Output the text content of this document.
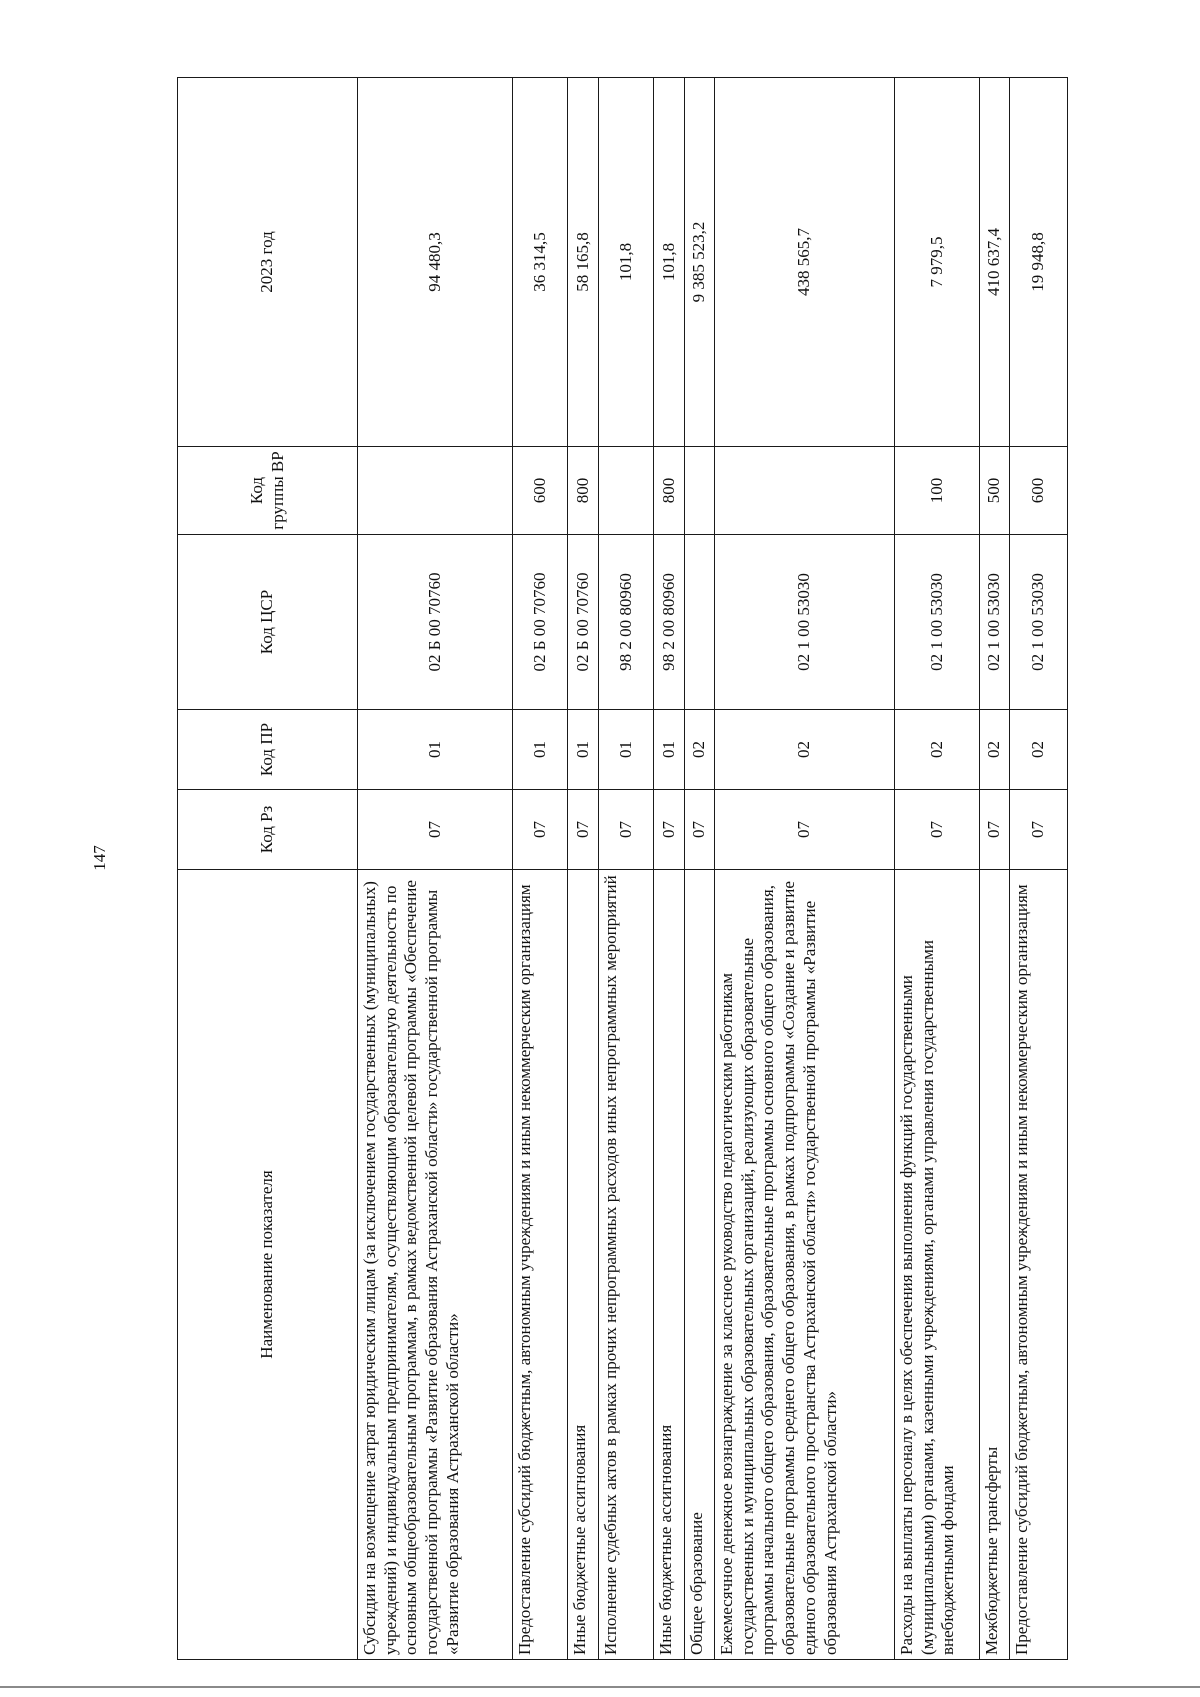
147
Наименование показателя	Код Рз	Код ПР	Код ЦСР	Код группы ВР	2023 год
Субсидии на возмещение затрат юридическим лицам (за исключением государственных (муниципальных) учреждений) и индивидуальным предпринимателям, осуществляющим образовательную деятельность по основным общеобразовательным программам, в рамках ведомственной целевой программы «Обеспечение государственной программы «Развитие образования Астраханской области» государственной программы «Развитие образования Астраханской области»	07	01	02 Б 00 70760		94 480,3
Предоставление субсидий бюджетным, автономным учреждениям и иным некоммерческим организациям	07	01	02 Б 00 70760	600	36 314,5
Иные бюджетные ассигнования	07	01	02 Б 00 70760	800	58 165,8
Исполнение судебных актов в рамках прочих непрограммных расходов иных непрограммных мероприятий	07	01	98 2 00 80960		101,8
Иные бюджетные ассигнования	07	01	98 2 00 80960	800	101,8
Общее образование	07	02			9 385 523,2
Ежемесячное денежное вознаграждение за классное руководство педагогическим работникам государственных и муниципальных образовательных организаций, реализующих образовательные программы начального общего образования, образовательные программы основного общего образования, образовательные программы среднего общего образования, в рамках подпрограммы «Создание и развитие единого образовательного пространства Астраханской области» государственной программы «Развитие образования Астраханской области»	07	02	02 1 00 53030		438 565,7
Расходы на выплаты персоналу в целях обеспечения выполнения функций государственными (муниципальными) органами, казенными учреждениями, органами управления государственными внебюджетными фондами	07	02	02 1 00 53030	100	7 979,5
Межбюджетные трансферты	07	02	02 1 00 53030	500	410 637,4
Предоставление субсидий бюджетным, автономным учреждениям и иным некоммерческим организациям	07	02	02 1 00 53030	600	19 948,8
